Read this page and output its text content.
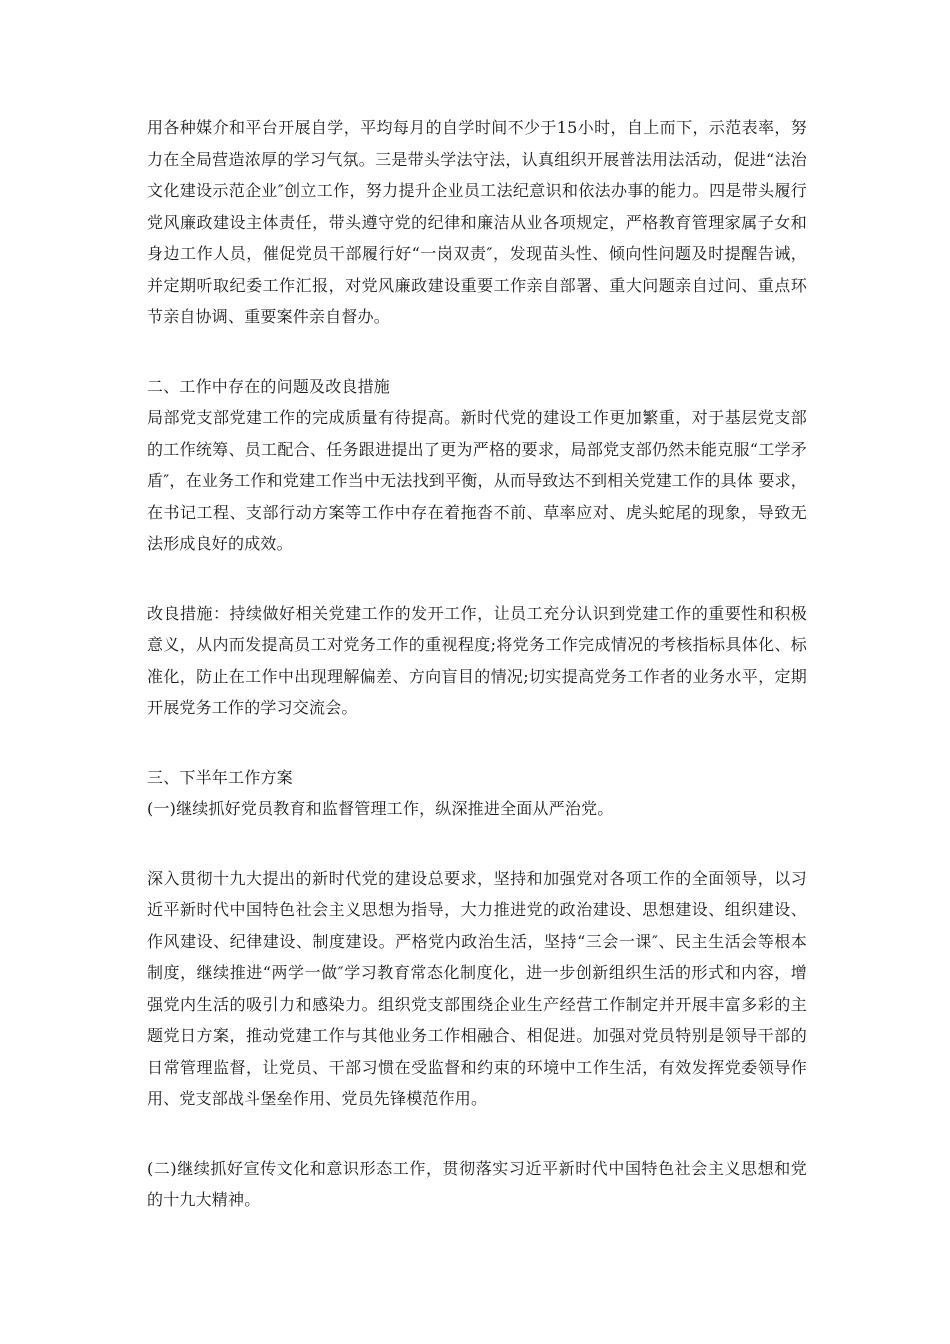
用各种媒介和平台开展自学，平均每月的自学时间不少于15小时，自上而下，示范表率，努力在全局营造浓厚的学习气氛。三是带头学法守法，认真组织开展普法用法活动，促进“法治文化建设示范企业″创立工作，努力提升企业员工法纪意识和依法办事的能力。四是带头履行党风廉政建设主体责任，带头遵守党的纪律和廉洁从业各项规定，严格教育管理家属子女和身边工作人员，催促党员干部履行好“一岗双责″，发现苗头性、倾向性问题及时提醒告诫，并定期听取纪委工作汇报，对党风廉政建设重要工作亲自部署、重大问题亲自过问、重点环节亲自协调、重要案件亲自督办。

二、工作中存在的问题及改良措施

局部党支部党建工作的完成质量有待提高。新时代党的建设工作更加繁重，对于基层党支部的工作统筹、员工配合、任务跟进提出了更为严格的要求，局部党支部仍然未能克服“工学矛盾″，在业务工作和党建工作当中无法找到平衡，从而导致达不到相关党建工作的具体 要求，在书记工程、支部行动方案等工作中存在着拖沓不前、草率应对、虎头蛇尾的现象，导致无法形成良好的成效。

改良措施：持续做好相关党建工作的发开工作，让员工充分认识到党建工作的重要性和积极意义，从内而发提高员工对党务工作的重视程度;将党务工作完成情况的考核指标具体化、标准化，防止在工作中出现理解偏差、方向盲目的情况;切实提高党务工作者的业务水平，定期开展党务工作的学习交流会。

三、下半年工作方案

(一)继续抓好党员教育和监督管理工作，纵深推进全面从严治党。

深入贯彻十九大提出的新时代党的建设总要求，坚持和加强党对各项工作的全面领导，以习近平新时代中国特色社会主义思想为指导，大力推进党的政治建设、思想建设、组织建设、作风建设、纪律建设、制度建设。严格党内政治生活，坚持“三会一课″、民主生活会等根本制度，继续推进“两学一做″学习教育常态化制度化，进一步创新组织生活的形式和内容，增强党内生活的吸引力和感染力。组织党支部围绕企业生产经营工作制定并开展丰富多彩的主题党日方案，推动党建工作与其他业务工作相融合、相促进。加强对党员特别是领导干部的日常管理监督，让党员、干部习惯在受监督和约束的环境中工作生活，有效发挥党委领导作用、党支部战斗堡垒作用、党员先锋模范作用。

(二)继续抓好宣传文化和意识形态工作，贯彻落实习近平新时代中国特色社会主义思想和党的十九大精神。
